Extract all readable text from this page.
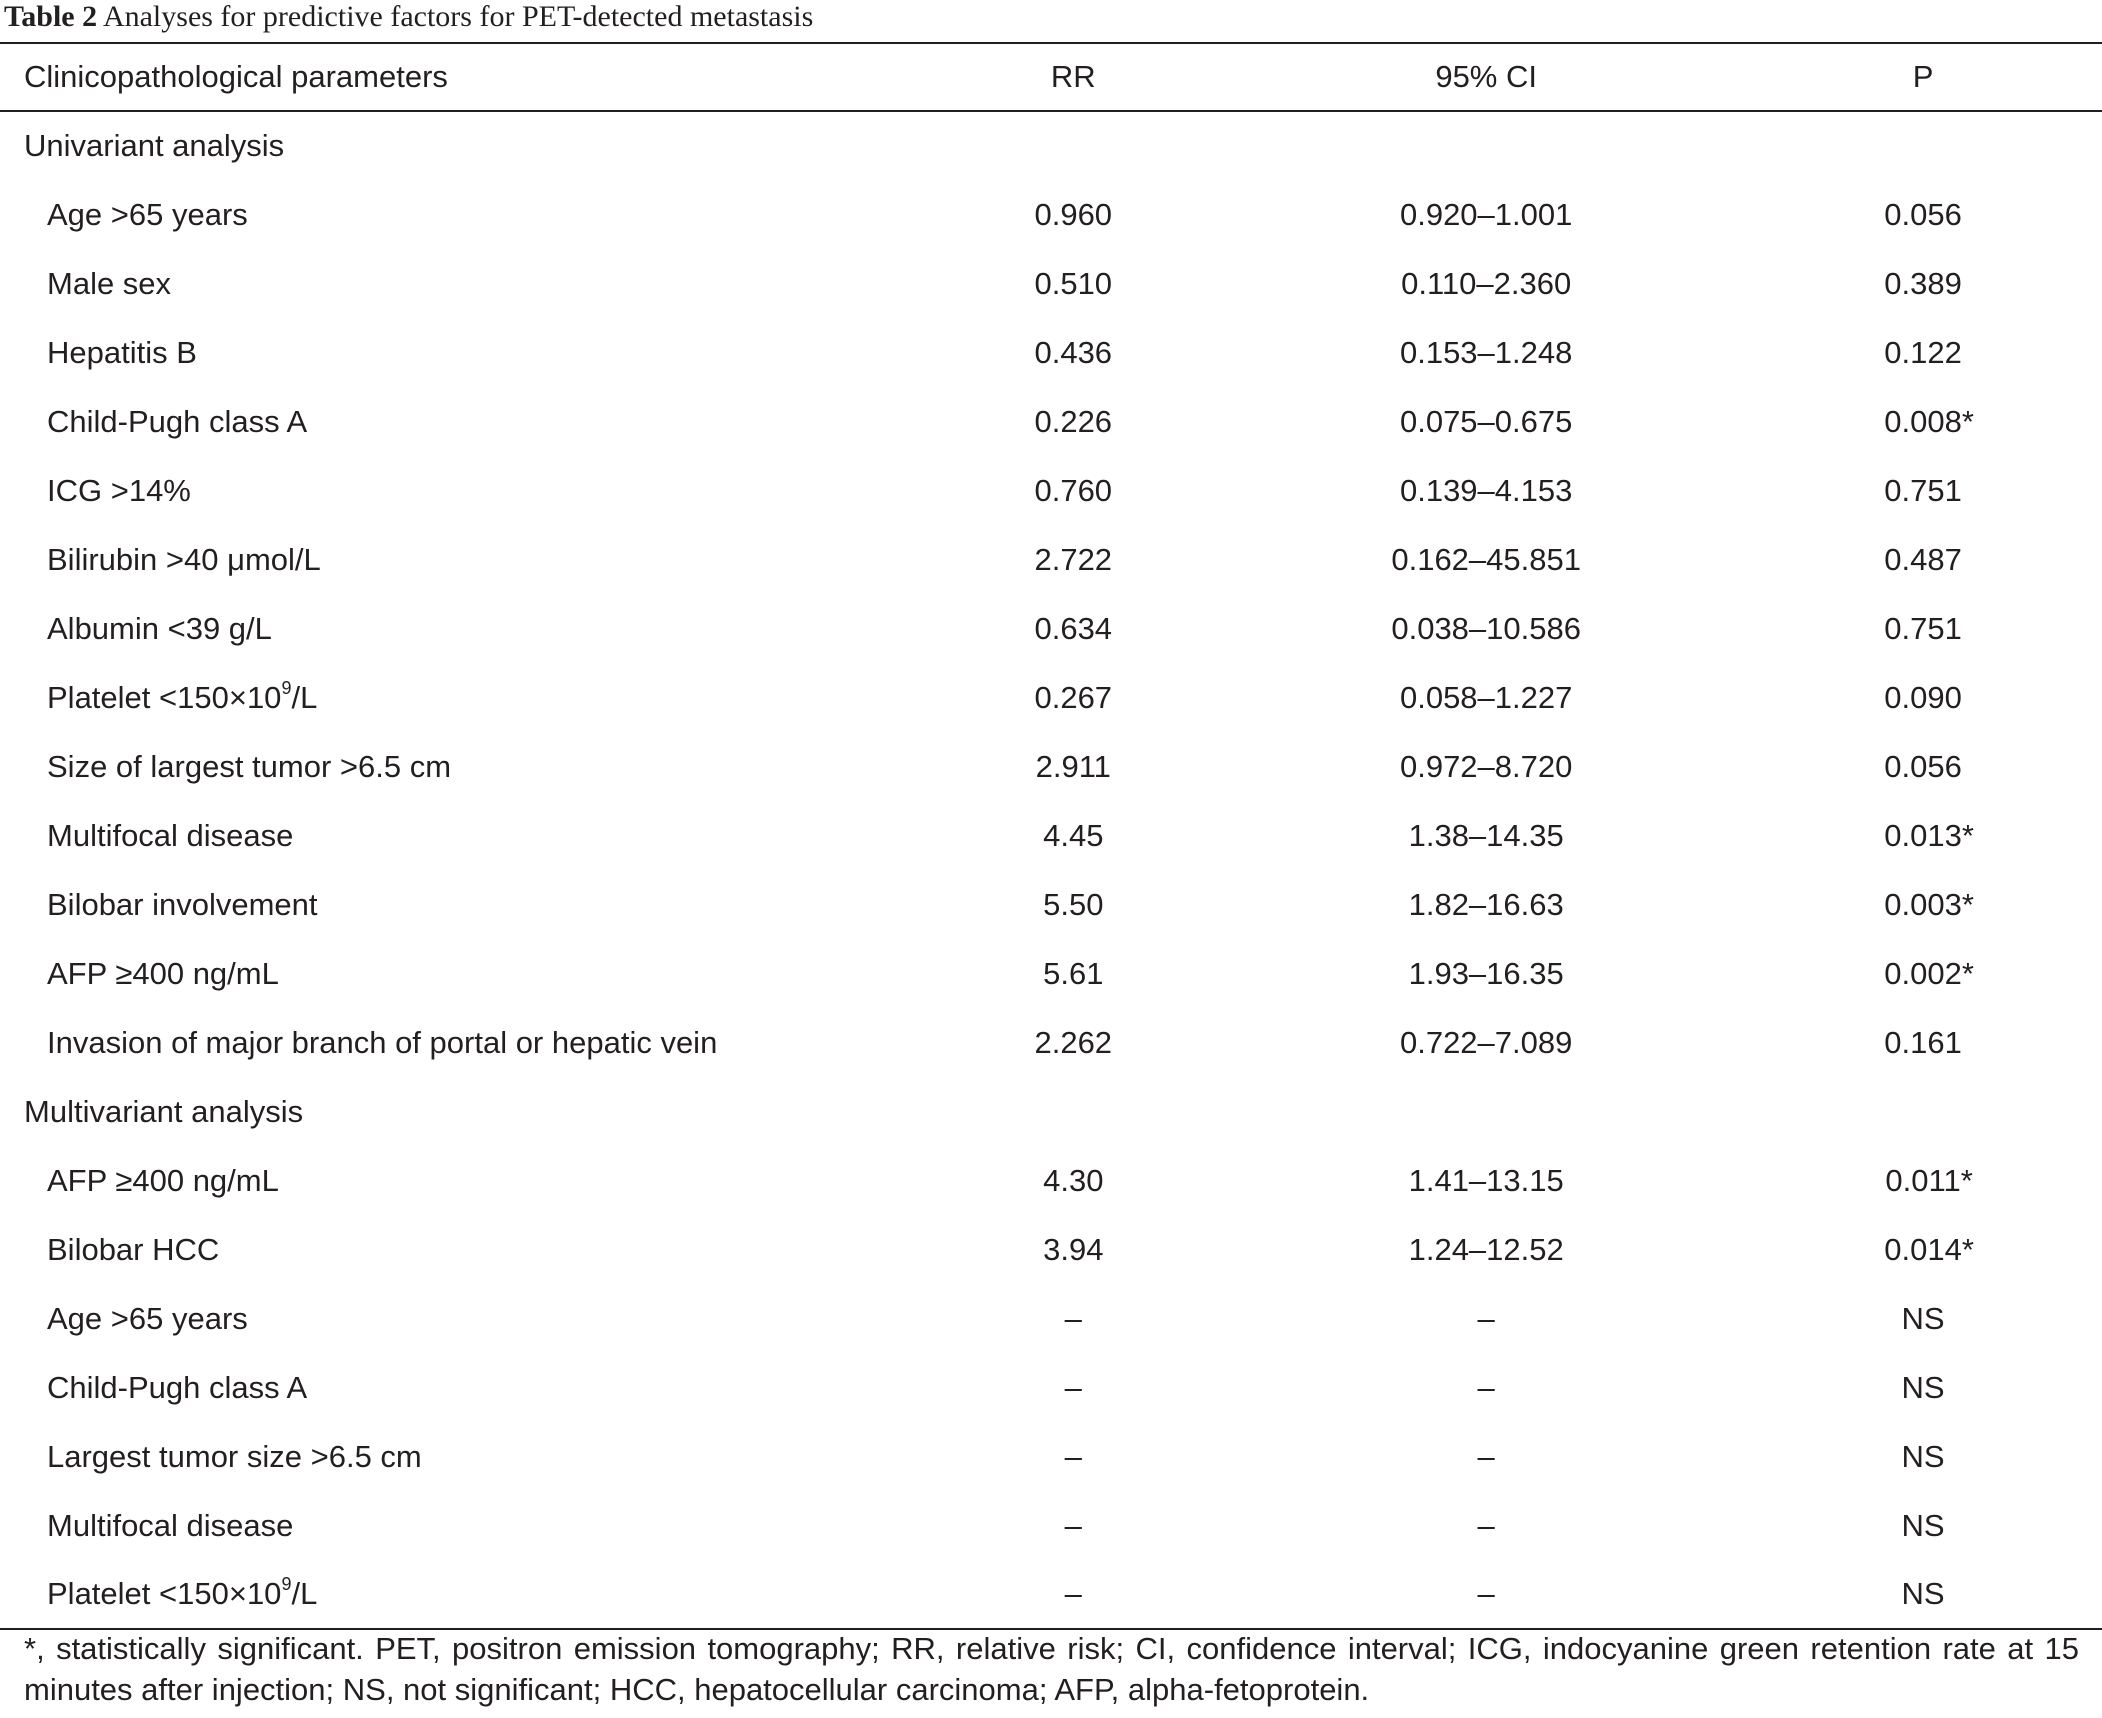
Table 2 Analyses for predictive factors for PET-detected metastasis
Clinicopathological parameters	RR	95% CI	P
Univariant analysis			
Age >65 years	0.960	0.920–1.001	0.056

Male sex	0.510	0.110–2.360	0.389

Hepatitis B	0.436	0.153–1.248	0.122

Child-Pugh class A	0.226	0.075–0.675	0.008 *

ICG >14%	0.760	0.139–4.153	0.751

Bilirubin >40 μmol/L	2.722	0.162–45.851	0.487

Albumin <39 g/L	0.634	0.038–10.586	0.751

Platelet $<150\times 10^9/L$	0.267	0.058–1.227	0.090

Size of largest tumor >6.5 cm	2.911	0.972–8.720	0.056

Multifocal disease	4.45	1.38–14.35	0.013 *

Bilobar involvement	5.50	1.82–16.63	0.003 *

AFP ≥400 ng/mL	5.61	1.93–16.35	0.002 *

Invasion of major branch of portal or hepatic vein	2.262	0.722–7.089	0.161

Multivariant analysis			
AFP ≥400 ng/mL	4.30	1.41–13.15	0.011 *

Bilobar HCC	3.94	1.24–12.52	0.014 *

Age >65 years	–	–	NS

Child-Pugh class A	–	–	NS

Largest tumor size >6.5 cm	–	–	NS

Multifocal disease	–	–	NS

Platelet $<150\times 10^9/L$	–	–	NS
*, statistically significant. PET, positron emission tomography; RR, relative risk; CI, confidence interval; ICG, indocyanine green retention rate at 15 minutes after injection; NS, not significant; HCC, hepatocellular carcinoma; AFP, alpha-fetoprotein.
